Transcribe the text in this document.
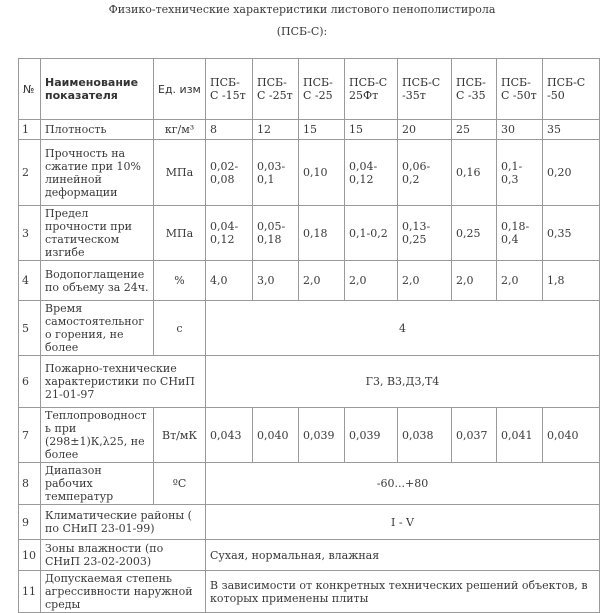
Физико-технические характеристики листового пенополистирола
(ПСБ-С):
№	Наименование показателя	Ед. изм	ПСБ-С -15т	ПСБ-С -25т	ПСБ-С -25	ПСБ-С 25Фт	ПСБ-С -35т	ПСБ-С -35	ПСБ-С -50т	ПСБ-С -50
1	Плотность	кг/м³	8	12	15	15	20	25	30	35
2	Прочность на сжатие при 10% линейной деформации	МПа	0,02-0,08	0,03-0,1	0,10	0,04-0,12	0,06-0,2	0,16	0,1-0,3	0,20
3	Предел прочности при статическом изгибе	МПа	0,04-0,12	0,05-0,18	0,18	0,1-0,2	0,13-0,25	0,25	0,18-0,4	0,35
4	Водопоглащение по объему за 24ч.	%	4,0	3,0	2,0	2,0	2,0	2,0	2,0	1,8
5	Время самостоятельного горения, не более	с	4							
6	Пожарно-технические характеристики по СНиП 21-01-97		Г3, В3,Д3,Т4							
7	Теплопроводность при (298±1)К,λ25, не более	Вт/мК	0,043	0,040	0,039	0,039	0,038	0,037	0,041	0,040
8	Диапазон рабочих температур	ºС	-60...+80							
9	Климатические районы ( по СНиП 23-01-99)		I - V							
10	Зоны влажности (по СНиП 23-02-2003)		Сухая, нормальная, влажная							
11	Допускаемая степень агрессивности наружной среды		В зависимости от конкретных технических решений объектов, в которых применены плиты							
